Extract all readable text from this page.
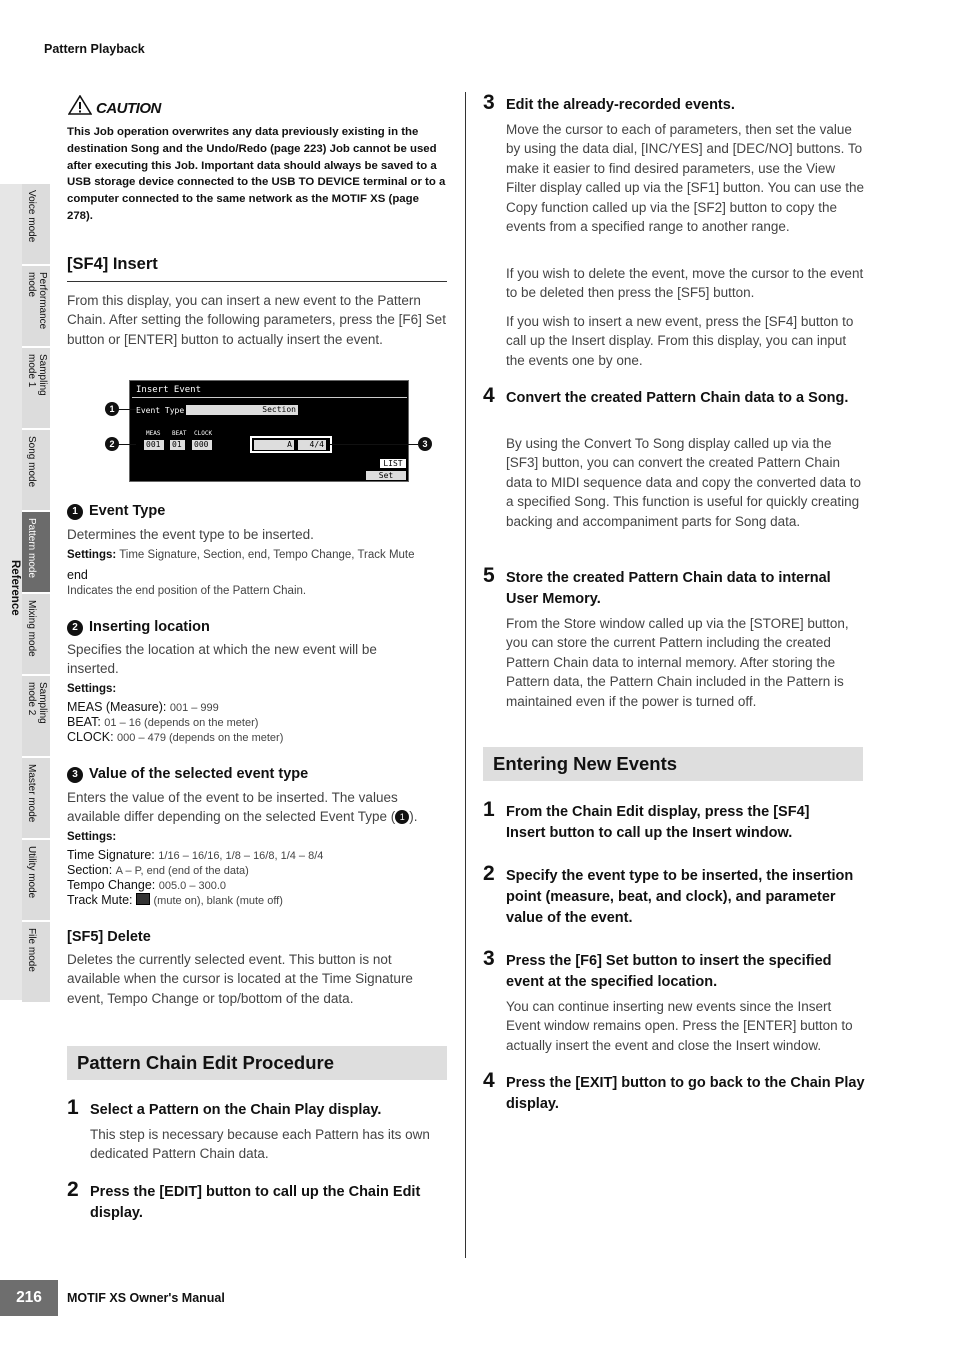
Pattern Playback
Reference
Voice mode
Performance
mode
Sampling
mode 1
Song mode
Pattern mode
Mixing mode
Sampling
mode 2
Master mode
Utility mode
File mode
CAUTION
This Job operation overwrites any data previously existing in the destination Song and the Undo/Redo (page 223) Job cannot be used after executing this Job. Important data should always be saved to a USB storage device connected to the USB TO DEVICE terminal or to a computer connected to the same network as the MOTIF XS (page 278).
[SF4] Insert
From this display, you can insert a new event to the Pattern Chain. After setting the following parameters, press the [F6] Set button or [ENTER] button to actually insert the event.
Insert Event
Event Type	Section
MEAS BEAT CLOCK
001	01	000	A	4/4
LIST
Set
1
2	3
1 Event Type
Determines the event type to be inserted.
Settings: Time Signature, Section, end, Tempo Change, Track Mute
end
Indicates the end position of the Pattern Chain.
2 Inserting location
Specifies the location at which the new event will be inserted.
Settings:
MEAS (Measure): 001 – 999
BEAT: 01 – 16 (depends on the meter)
CLOCK: 000 – 479 (depends on the meter)
3 Value of the selected event type
Enters the value of the event to be inserted. The values available differ depending on the selected Event Type ( 1 ).
Settings:
Time Signature: 1/16 – 16/16, 1/8 – 16/8, 1/4 – 8/4
Section: A – P, end (end of the data)
Tempo Change: 005.0 – 300.0
Track Mute: (mute on), blank (mute off)
[SF5] Delete
Deletes the currently selected event. This button is not available when the cursor is located at the Time Signature event, Tempo Change or top/bottom of the data.
Pattern Chain Edit Procedure
1 Select a Pattern on the Chain Play display.
This step is necessary because each Pattern has its own dedicated Pattern Chain data.
2 Press the [EDIT] button to call up the Chain Edit display.
3 Edit the already-recorded events.
Move the cursor to each of parameters, then set the value by using the data dial, [INC/YES] and [DEC/NO] buttons. To make it easier to find desired parameters, use the View Filter display called up via the [SF1] button. You can use the Copy function called up via the [SF2] button to copy the events from a specified range to another range.
If you wish to delete the event, move the cursor to the event to be deleted then press the [SF5] button.
If you wish to insert a new event, press the [SF4] button to call up the Insert display. From this display, you can input the events one by one.
4 Convert the created Pattern Chain data to a Song.
By using the Convert To Song display called up via the [SF3] button, you can convert the created Pattern Chain data to MIDI sequence data and copy the converted data to a specified Song. This function is useful for quickly creating backing and accompaniment parts for Song data.
5 Store the created Pattern Chain data to internal User Memory.
From the Store window called up via the [STORE] button, you can store the current Pattern including the created Pattern Chain data to internal memory. After storing the Pattern data, the Pattern Chain included in the Pattern is maintained even if the power is turned off.
Entering New Events
1 From the Chain Edit display, press the [SF4] Insert button to call up the Insert window.
2 Specify the event type to be inserted, the insertion point (measure, beat, and clock), and parameter value of the event.
3 Press the [F6] Set button to insert the specified event at the specified location.
You can continue inserting new events since the Insert Event window remains open. Press the [ENTER] button to actually insert the event and close the Insert window.
4 Press the [EXIT] button to go back to the Chain Play display.
216	MOTIF XS Owner's Manual
